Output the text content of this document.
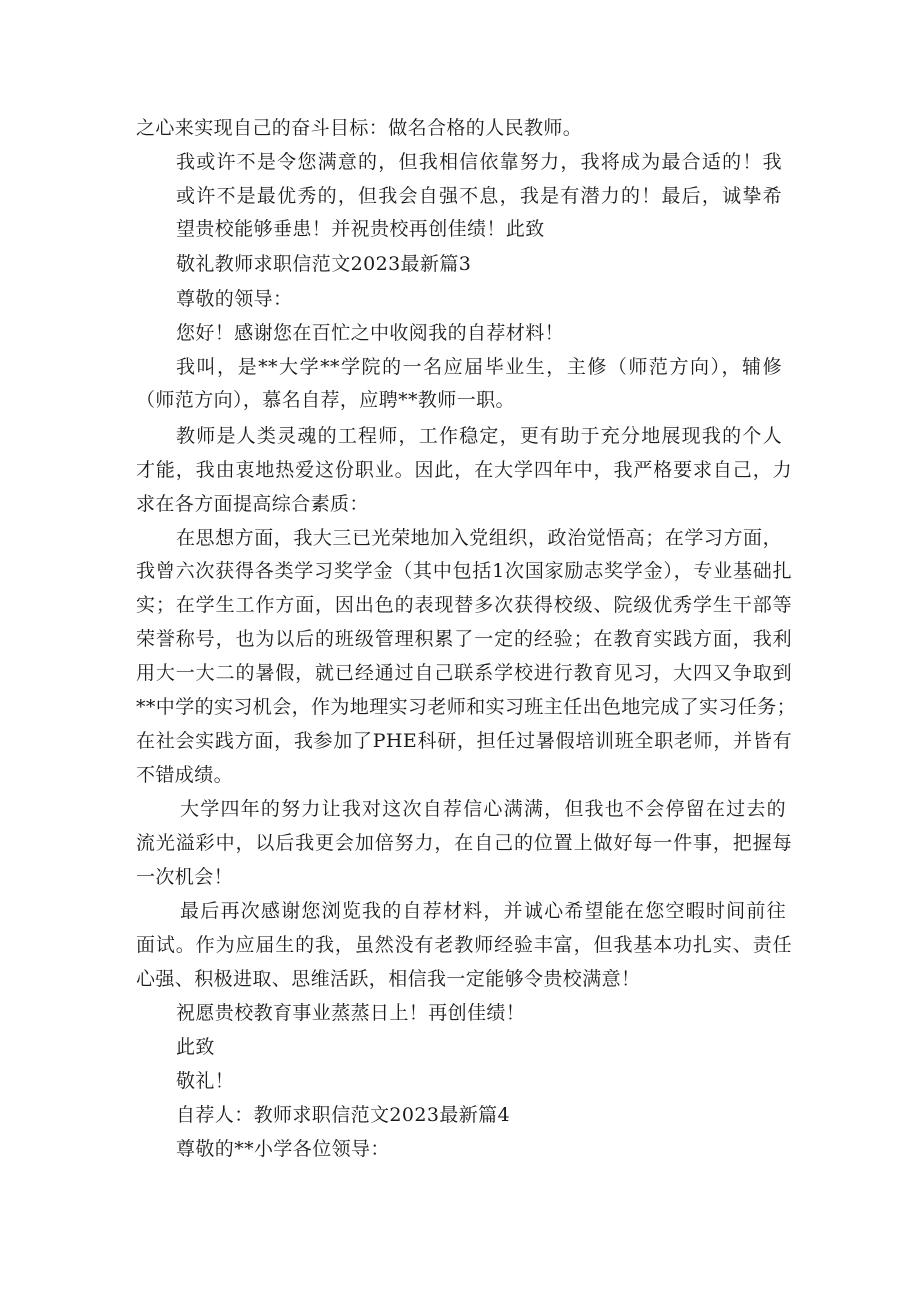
之心来实现自己的奋斗目标：做名合格的人民教师。
我或许不是令您满意的，但我相信依靠努力，我将成为最合适的！我
或许不是最优秀的，但我会自强不息，我是有潜力的！最后，诚挚希
望贵校能够垂患！并祝贵校再创佳绩！此致
敬礼教师求职信范文2023最新篇3
尊敬的领导：
您好！感谢您在百忙之中收阅我的自荐材料！
我叫，是**大学**学院的一名应届毕业生，主修（师范方向），辅修
（师范方向），慕名自荐，应聘**教师一职。
教师是人类灵魂的工程师，工作稳定，更有助于充分地展现我的个人
才能，我由衷地热爱这份职业。因此，在大学四年中，我严格要求自己，力
求在各方面提高综合素质：
在思想方面，我大三已光荣地加入党组织，政治觉悟高；在学习方面，
我曾六次获得各类学习奖学金（其中包括1次国家励志奖学金），专业基础扎
实；在学生工作方面，因出色的表现替多次获得校级、院级优秀学生干部等
荣誉称号，也为以后的班级管理积累了一定的经验；在教育实践方面，我利
用大一大二的暑假，就已经通过自己联系学校进行教育见习，大四又争取到
**中学的实习机会，作为地理实习老师和实习班主任出色地完成了实习任务；
在社会实践方面，我参加了PHE科研，担任过暑假培训班全职老师，并皆有
不错成绩。
大学四年的努力让我对这次自荐信心满满，但我也不会停留在过去的
流光溢彩中，以后我更会加倍努力，在自己的位置上做好每一件事，把握每
一次机会！
最后再次感谢您浏览我的自荐材料，并诚心希望能在您空暇时间前往
面试。作为应届生的我，虽然没有老教师经验丰富，但我基本功扎实、责任
心强、积极进取、思维活跃，相信我一定能够令贵校满意！
祝愿贵校教育事业蒸蒸日上！再创佳绩！
此致
敬礼！
自荐人：教师求职信范文2023最新篇4
尊敬的**小学各位领导：
